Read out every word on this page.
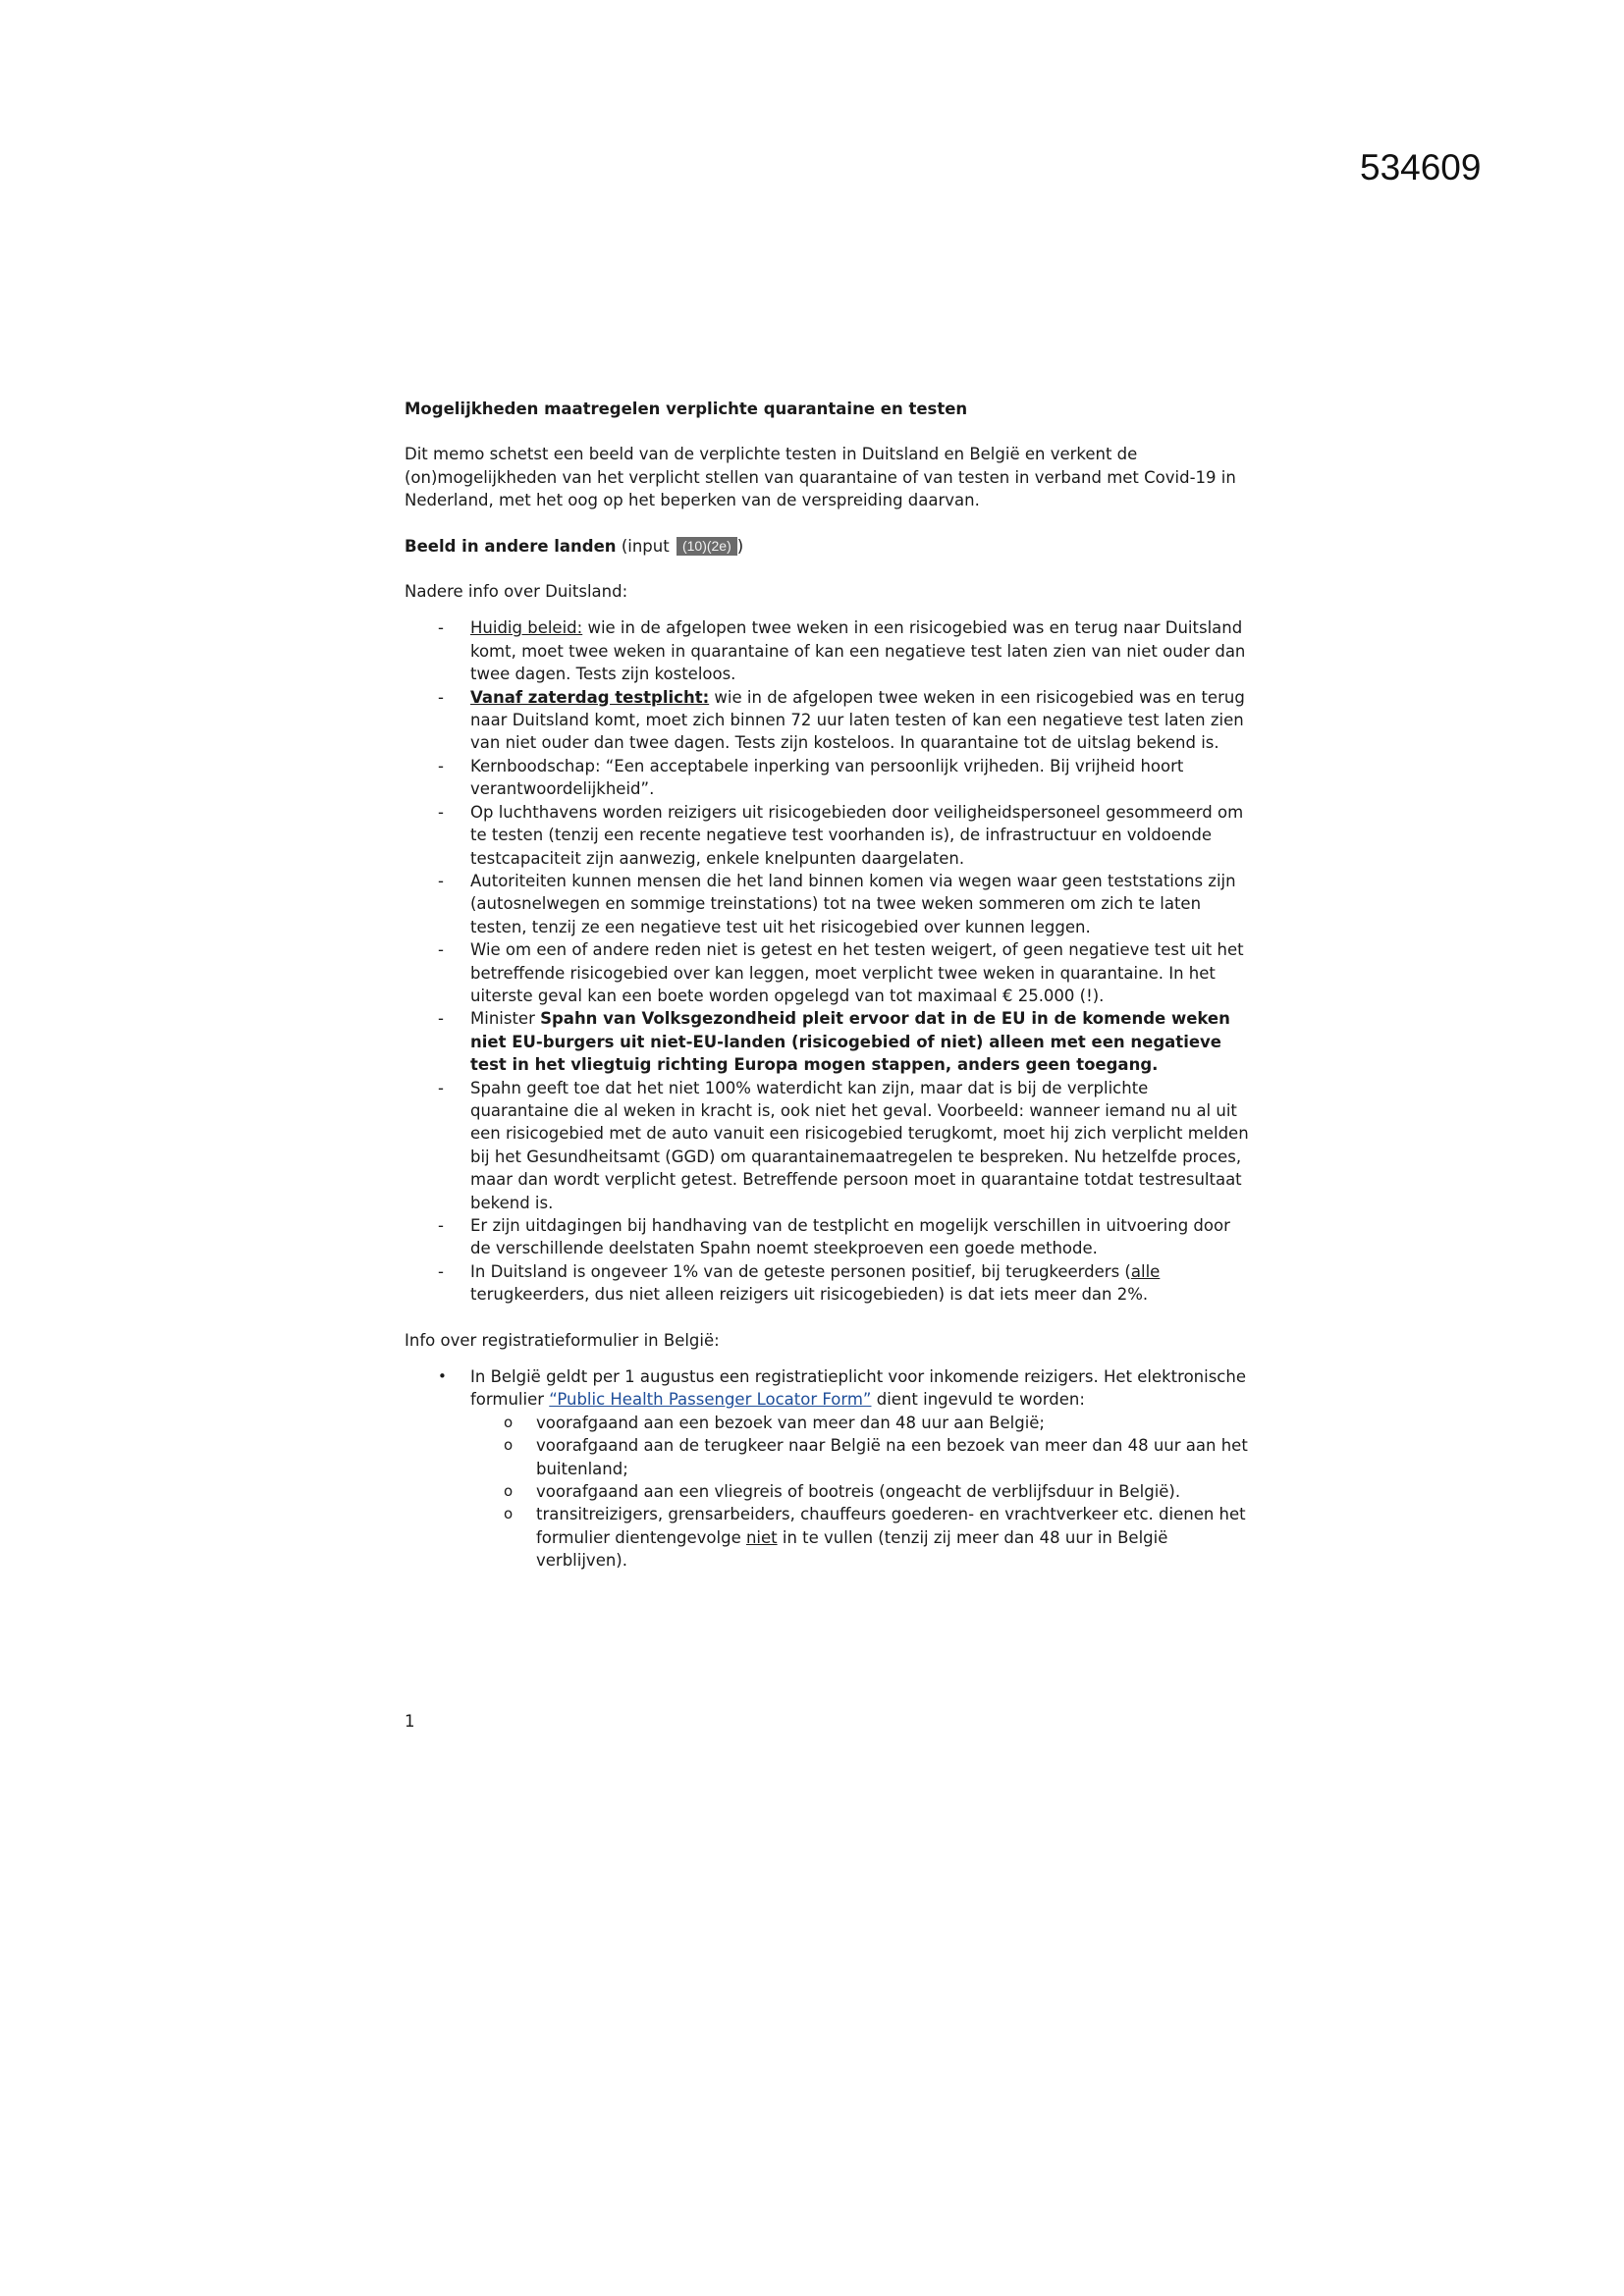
534609

Mogelijkheden maatregelen verplichte quarantaine en testen

Dit memo schetst een beeld van de verplichte testen in Duitsland en België en verkent de (on)mogelijkheden van het verplicht stellen van quarantaine of van testen in verband met Covid-19 in Nederland, met het oog op het beperken van de verspreiding daarvan.

Beeld in andere landen (input (10)(2e) )

Nadere info over Duitsland:

- Huidig beleid: wie in de afgelopen twee weken in een risicogebied was en terug naar Duitsland komt, moet twee weken in quarantaine of kan een negatieve test laten zien van niet ouder dan twee dagen. Tests zijn kosteloos.
- Vanaf zaterdag testplicht: wie in de afgelopen twee weken in een risicogebied was en terug naar Duitsland komt, moet zich binnen 72 uur laten testen of kan een negatieve test laten zien van niet ouder dan twee dagen. Tests zijn kosteloos. In quarantaine tot de uitslag bekend is.
- Kernboodschap: “Een acceptabele inperking van persoonlijk vrijheden. Bij vrijheid hoort verantwoordelijkheid”.
- Op luchthavens worden reizigers uit risicogebieden door veiligheidspersoneel gesommeerd om te testen (tenzij een recente negatieve test voorhanden is), de infrastructuur en voldoende testcapaciteit zijn aanwezig, enkele knelpunten daargelaten.
- Autoriteiten kunnen mensen die het land binnen komen via wegen waar geen teststations zijn (autosnelwegen en sommige treinstations) tot na twee weken sommeren om zich te laten testen, tenzij ze een negatieve test uit het risicogebied over kunnen leggen.
- Wie om een of andere reden niet is getest en het testen weigert, of geen negatieve test uit het betreffende risicogebied over kan leggen, moet verplicht twee weken in quarantaine. In het uiterste geval kan een boete worden opgelegd van tot maximaal € 25.000 (!).
- Minister Spahn van Volksgezondheid pleit ervoor dat in de EU in de komende weken niet EU-burgers uit niet-EU-landen (risicogebied of niet) alleen met een negatieve test in het vliegtuig richting Europa mogen stappen, anders geen toegang.
- Spahn geeft toe dat het niet 100% waterdicht kan zijn, maar dat is bij de verplichte quarantaine die al weken in kracht is, ook niet het geval. Voorbeeld: wanneer iemand nu al uit een risicogebied met de auto vanuit een risicogebied terugkomt, moet hij zich verplicht melden bij het Gesundheitsamt (GGD) om quarantainemaatregelen te bespreken. Nu hetzelfde proces, maar dan wordt verplicht getest. Betreffende persoon moet in quarantaine totdat testresultaat bekend is.
- Er zijn uitdagingen bij handhaving van de testplicht en mogelijk verschillen in uitvoering door de verschillende deelstaten Spahn noemt steekproeven een goede methode.
- In Duitsland is ongeveer 1% van de geteste personen positief, bij terugkeerders (alle terugkeerders, dus niet alleen reizigers uit risicogebieden) is dat iets meer dan 2%.

Info over registratieformulier in België:

• In België geldt per 1 augustus een registratieplicht voor inkomende reizigers. Het elektronische formulier “Public Health Passenger Locator Form” dient ingevuld te worden:
o voorafgaand aan een bezoek van meer dan 48 uur aan België;
o voorafgaand aan de terugkeer naar België na een bezoek van meer dan 48 uur aan het buitenland;
o voorafgaand aan een vliegreis of bootreis (ongeacht de verblijfsduur in België).
o transitreizigers, grensarbeiders, chauffeurs goederen- en vrachtverkeer etc. dienen het formulier dientengevolge niet in te vullen (tenzij zij meer dan 48 uur in België verblijven).
1
